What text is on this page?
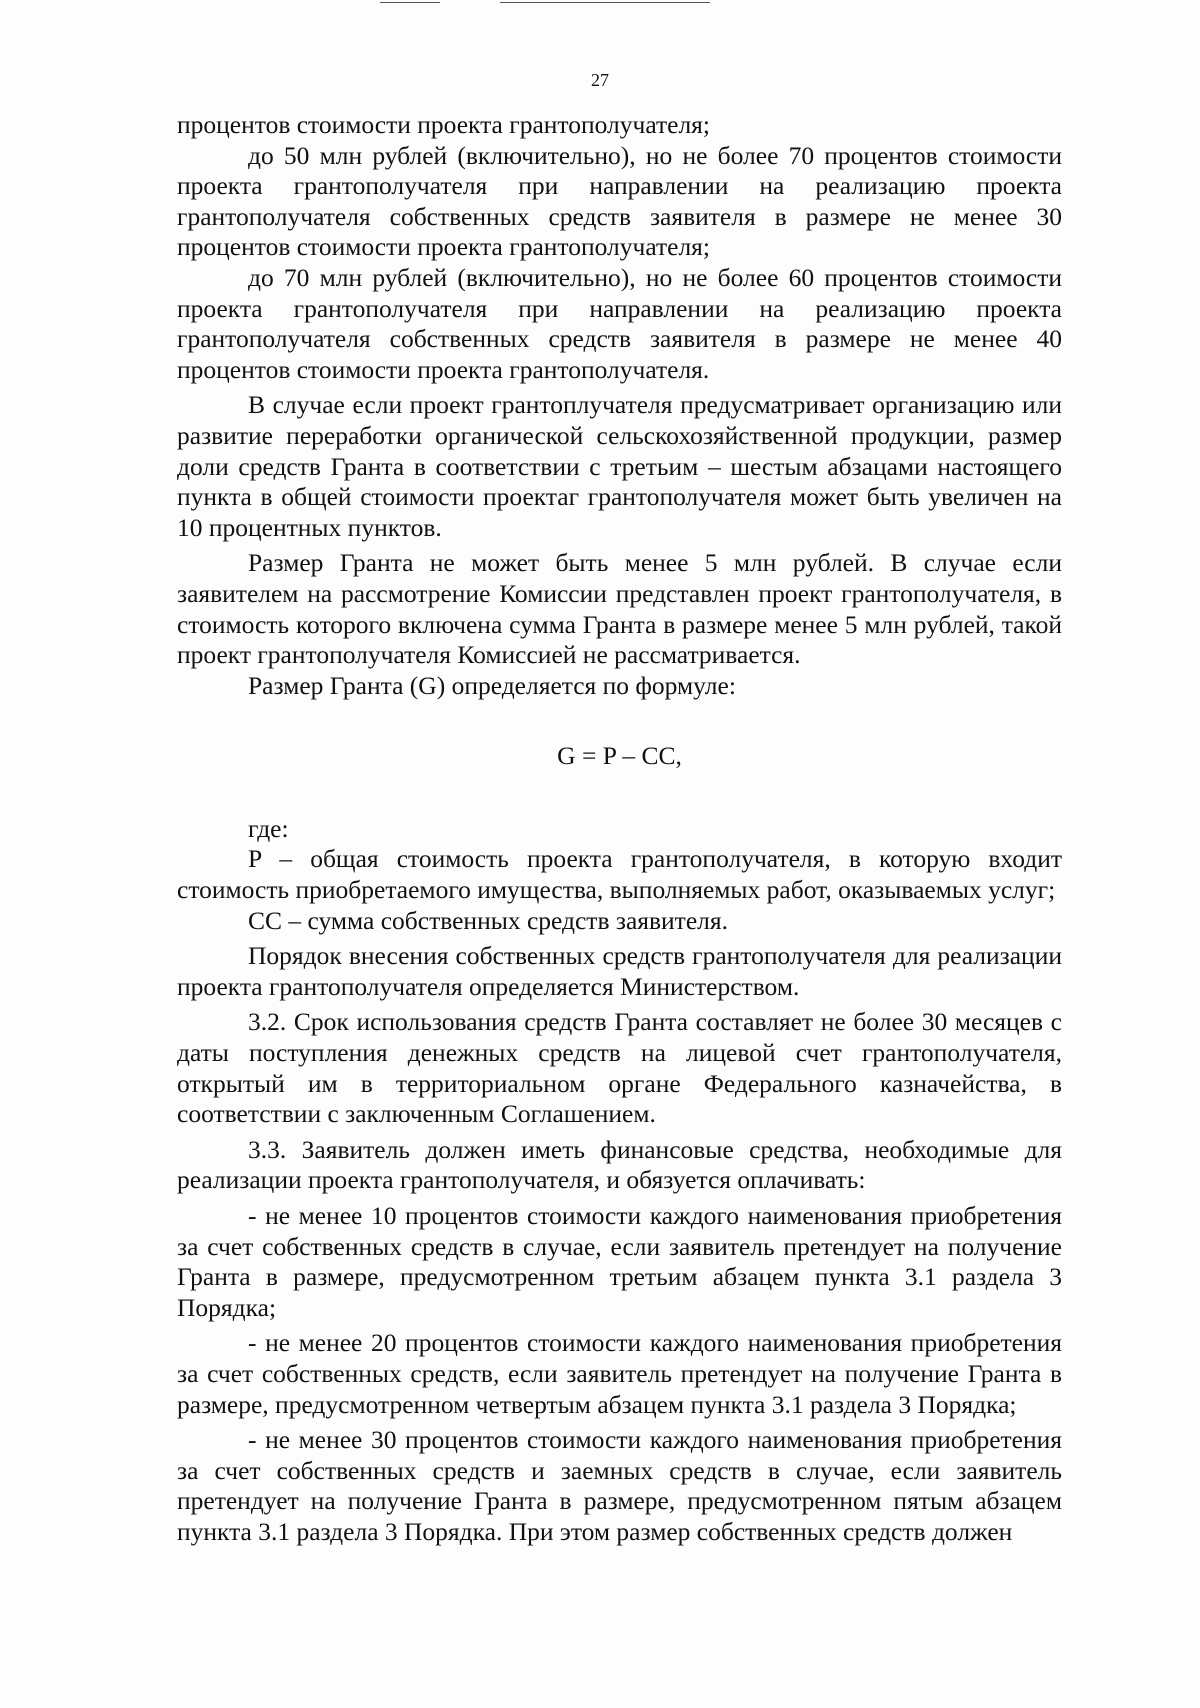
27

процентов стоимости проекта грантополучателя;

до 50 млн рублей (включительно), но не более 70 процентов стоимости проекта грантополучателя при направлении на реализацию проекта грантополучателя собственных средств заявителя в размере не менее 30 процентов стоимости проекта грантополучателя;

до 70 млн рублей (включительно), но не более 60 процентов стоимости проекта грантополучателя при направлении на реализацию проекта грантополучателя собственных средств заявителя в размере не менее 40 процентов стоимости проекта грантополучателя.

В случае если проект грантоплучателя предусматривает организацию или развитие переработки органической сельскохозяйственной продукции, размер доли средств Гранта в соответствии с третьим – шестым абзацами настоящего пункта в общей стоимости проектаг грантополучателя может быть увеличен на 10 процентных пунктов.

Размер Гранта не может быть менее 5 млн рублей. В случае если заявителем на рассмотрение Комиссии представлен проект грантополучателя, в стоимость которого включена сумма Гранта в размере менее 5 млн рублей, такой проект грантополучателя Комиссией не рассматривается.

Размер Гранта (G) определяется по формуле:

G = P – CC,

где:

P – общая стоимость проекта грантополучателя, в которую входит стоимость приобретаемого имущества, выполняемых работ, оказываемых услуг;

CC – сумма собственных средств заявителя.

Порядок внесения собственных средств грантополучателя для реализации проекта грантополучателя определяется Министерством.

3.2. Срок использования средств Гранта составляет не более 30 месяцев с даты поступления денежных средств на лицевой счет грантополучателя, открытый им в территориальном органе Федерального казначейства, в соответствии с заключенным Соглашением.

3.3. Заявитель должен иметь финансовые средства, необходимые для реализации проекта грантополучателя, и обязуется оплачивать:

- не менее 10 процентов стоимости каждого наименования приобретения за счет собственных средств в случае, если заявитель претендует на получение Гранта в размере, предусмотренном третьим абзацем пункта 3.1 раздела 3 Порядка;

- не менее 20 процентов стоимости каждого наименования приобретения за счет собственных средств, если заявитель претендует на получение Гранта в размере, предусмотренном четвертым абзацем пункта 3.1 раздела 3 Порядка;

- не менее 30 процентов стоимости каждого наименования приобретения за счет собственных средств и заемных средств в случае, если заявитель претендует на получение Гранта в размере, предусмотренном пятым абзацем пункта 3.1 раздела 3 Порядка. При этом размер собственных средств должен
